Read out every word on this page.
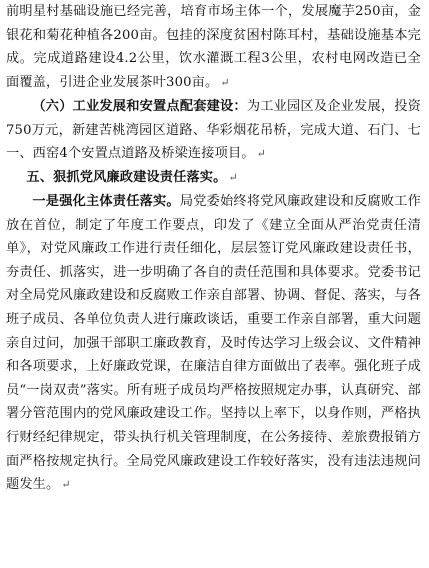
前明星村基础设施已经完善，培育市场主体一个，发展魔芋250亩，金银花和菊花种植各200亩。包挂的深度贫困村陈耳村，基础设施基本完成。完成道路建设4.2公里，饮水灌溉工程3公里，农村电网改造已全面覆盖，引进企业发展茶叶300亩。 ↵

（六）工业发展和安置点配套建设：为工业园区及企业发展，投资750万元，新建苦桃湾园区道路、华彩烟花吊桥，完成大道、石门、七一、西窑4个安置点道路及桥梁连接项目。 ↵

五、狠抓党风廉政建设责任落实。 ↵

一是强化主体责任落实。局党委始终将党风廉政建设和反腐败工作放在首位，制定了年度工作要点，印发了《建立全面从严治党责任清单》，对党风廉政工作进行责任细化，层层签订党风廉政建设责任书，夯责任、抓落实，进一步明确了各自的责任范围和具体要求。党委书记对全局党风廉政建设和反腐败工作亲自部署、协调、督促、落实，与各班子成员、各单位负责人进行廉政谈话，重要工作亲自部署，重大问题亲自过问，加强干部职工廉政教育，及时传达学习上级会议、文件精神和各项要求，上好廉政党课，在廉洁自律方面做出了表率。强化班子成员“一岗双责”落实。所有班子成员均严格按照规定办事，认真研究、部署分管范围内的党风廉政建设工作。坚持以上率下，以身作则，严格执行财经纪律规定，带头执行机关管理制度，在公务接待、差旅费报销方面严格按规定执行。全局党风廉政建设工作较好落实，没有违法违规问题发生。 ↵
